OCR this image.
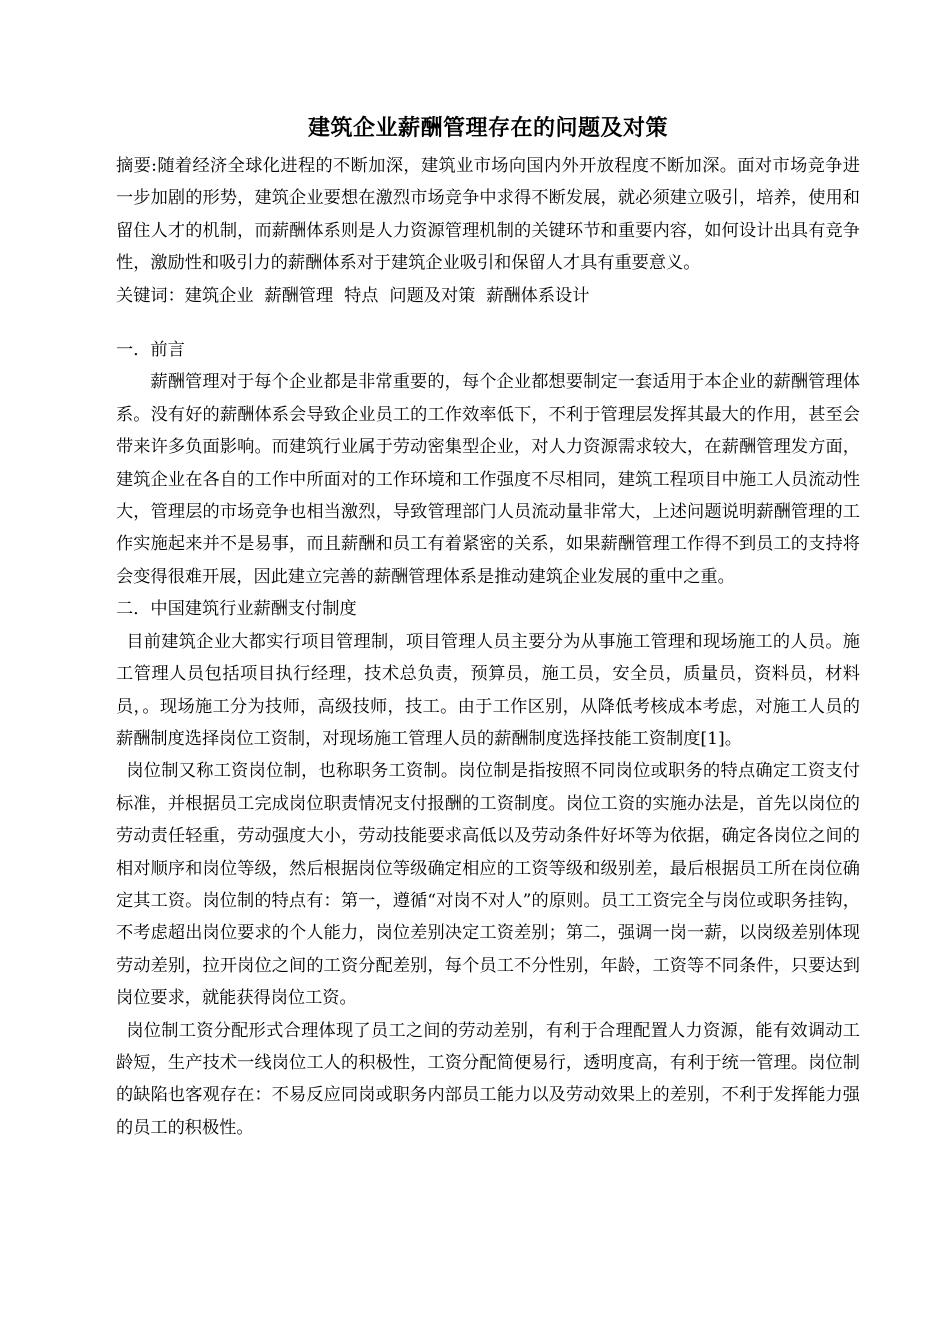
建筑企业薪酬管理存在的问题及对策

摘要:随着经济全球化进程的不断加深，建筑业市场向国内外开放程度不断加深。面对市场竞争进一步加剧的形势，建筑企业要想在激烈市场竞争中求得不断发展，就必须建立吸引，培养，使用和留住人才的机制，而薪酬体系则是人力资源管理机制的关键环节和重要内容，如何设计出具有竞争性，激励性和吸引力的薪酬体系对于建筑企业吸引和保留人才具有重要意义。

关键词：建筑企业  薪酬管理  特点  问题及对策  薪酬体系设计

一．前言

薪酬管理对于每个企业都是非常重要的，每个企业都想要制定一套适用于本企业的薪酬管理体系。没有好的薪酬体系会导致企业员工的工作效率低下，不利于管理层发挥其最大的作用，甚至会带来许多负面影响。而建筑行业属于劳动密集型企业，对人力资源需求较大，在薪酬管理发方面，建筑企业在各自的工作中所面对的工作环境和工作强度不尽相同，建筑工程项目中施工人员流动性大，管理层的市场竞争也相当激烈，导致管理部门人员流动量非常大，上述问题说明薪酬管理的工作实施起来并不是易事，而且薪酬和员工有着紧密的关系，如果薪酬管理工作得不到员工的支持将会变得很难开展，因此建立完善的薪酬管理体系是推动建筑企业发展的重中之重。

二．中国建筑行业薪酬支付制度

目前建筑企业大都实行项目管理制，项目管理人员主要分为从事施工管理和现场施工的人员。施工管理人员包括项目执行经理，技术总负责，预算员，施工员，安全员，质量员，资料员，材料员，。现场施工分为技师，高级技师，技工。由于工作区别，从降低考核成本考虑，对施工人员的薪酬制度选择岗位工资制，对现场施工管理人员的薪酬制度选择技能工资制度[1]。

岗位制又称工资岗位制，也称职务工资制。岗位制是指按照不同岗位或职务的特点确定工资支付标准，并根据员工完成岗位职责情况支付报酬的工资制度。岗位工资的实施办法是，首先以岗位的劳动责任轻重，劳动强度大小，劳动技能要求高低以及劳动条件好坏等为依据，确定各岗位之间的相对顺序和岗位等级，然后根据岗位等级确定相应的工资等级和级别差，最后根据员工所在岗位确定其工资。岗位制的特点有：第一，遵循“对岗不对人”的原则。员工工资完全与岗位或职务挂钩，不考虑超出岗位要求的个人能力，岗位差别决定工资差别；第二，强调一岗一薪，以岗级差别体现劳动差别，拉开岗位之间的工资分配差别，每个员工不分性别，年龄，工资等不同条件，只要达到岗位要求，就能获得岗位工资。

岗位制工资分配形式合理体现了员工之间的劳动差别，有利于合理配置人力资源，能有效调动工龄短，生产技术一线岗位工人的积极性，工资分配简便易行，透明度高，有利于统一管理。岗位制的缺陷也客观存在：不易反应同岗或职务内部员工能力以及劳动效果上的差别，不利于发挥能力强的员工的积极性。
